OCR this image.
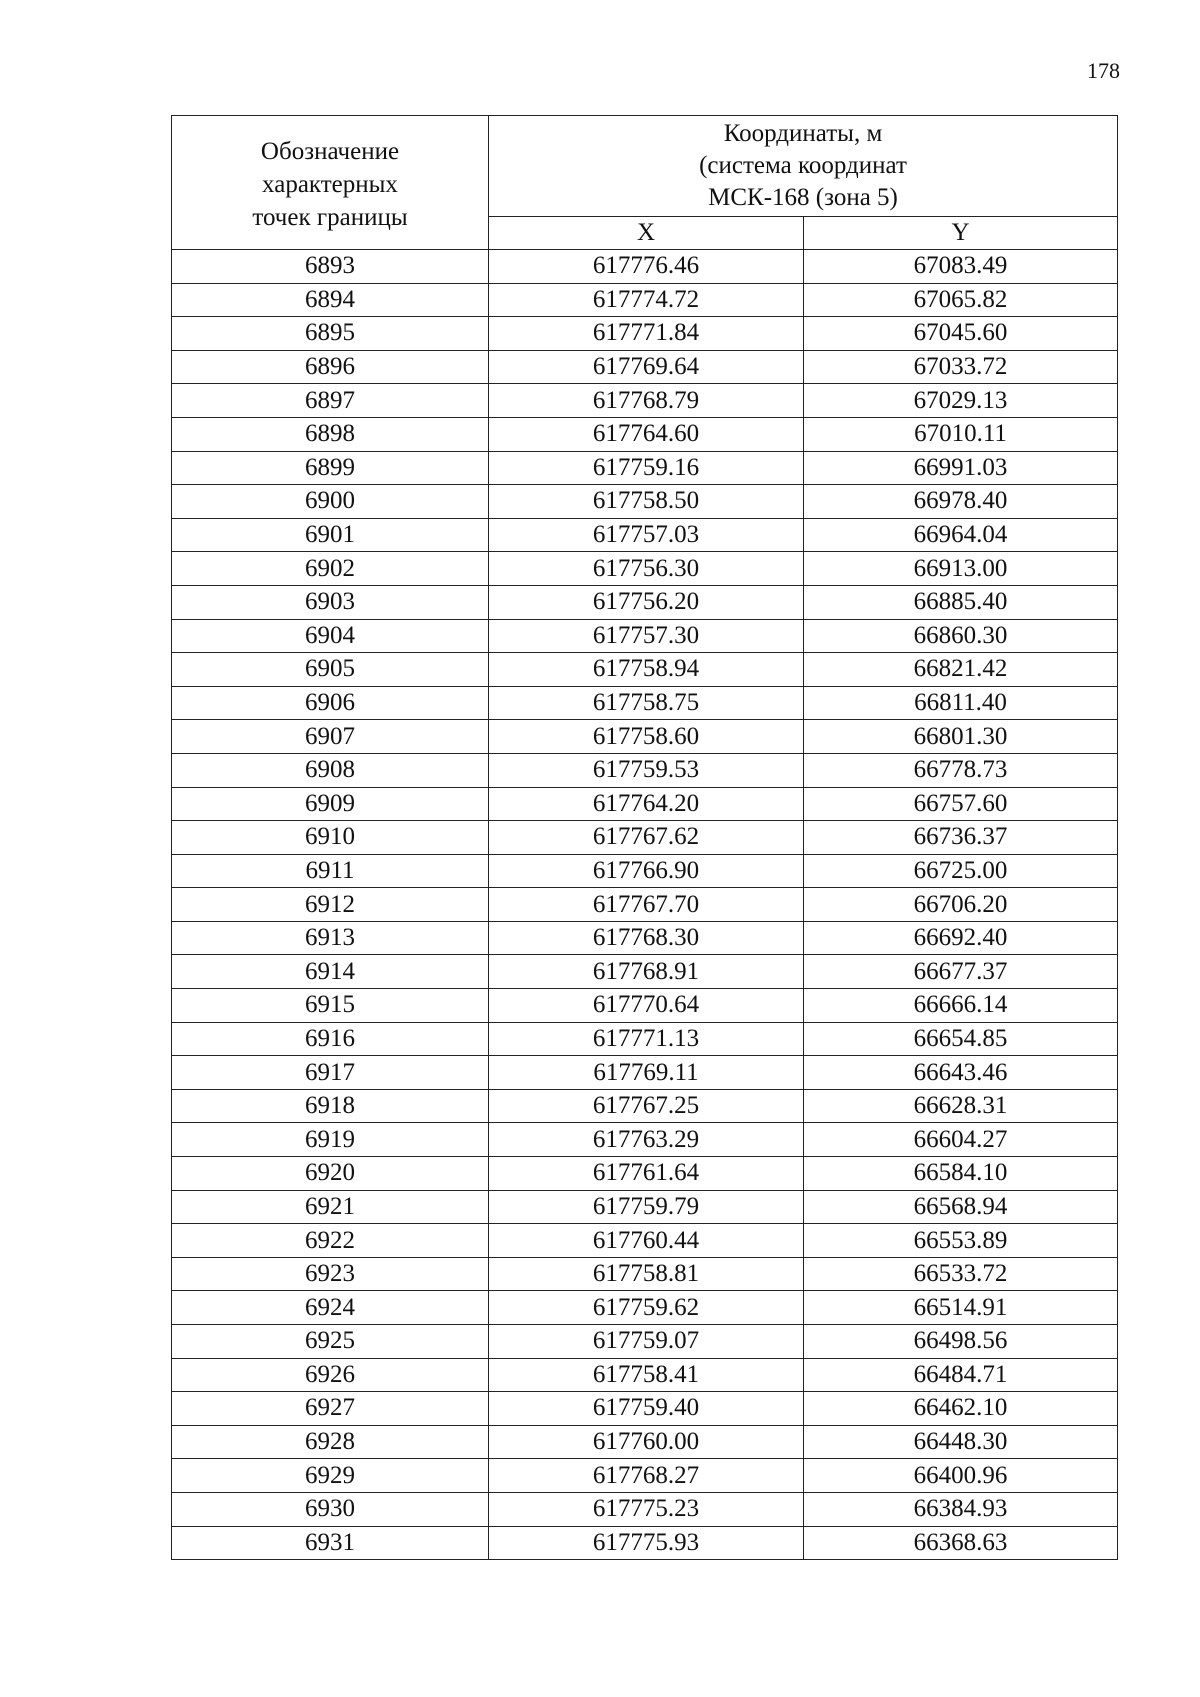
178
Обозначение
характерных
точек границы	Координаты, м
(система координат
МСК-168 (зона 5)	
	X	Y
6893	617776.46	67083.49
6894	617774.72	67065.82
6895	617771.84	67045.60
6896	617769.64	67033.72
6897	617768.79	67029.13
6898	617764.60	67010.11
6899	617759.16	66991.03
6900	617758.50	66978.40
6901	617757.03	66964.04
6902	617756.30	66913.00
6903	617756.20	66885.40
6904	617757.30	66860.30
6905	617758.94	66821.42
6906	617758.75	66811.40
6907	617758.60	66801.30
6908	617759.53	66778.73
6909	617764.20	66757.60
6910	617767.62	66736.37
6911	617766.90	66725.00
6912	617767.70	66706.20
6913	617768.30	66692.40
6914	617768.91	66677.37
6915	617770.64	66666.14
6916	617771.13	66654.85
6917	617769.11	66643.46
6918	617767.25	66628.31
6919	617763.29	66604.27
6920	617761.64	66584.10
6921	617759.79	66568.94
6922	617760.44	66553.89
6923	617758.81	66533.72
6924	617759.62	66514.91
6925	617759.07	66498.56
6926	617758.41	66484.71
6927	617759.40	66462.10
6928	617760.00	66448.30
6929	617768.27	66400.96
6930	617775.23	66384.93
6931	617775.93	66368.63
